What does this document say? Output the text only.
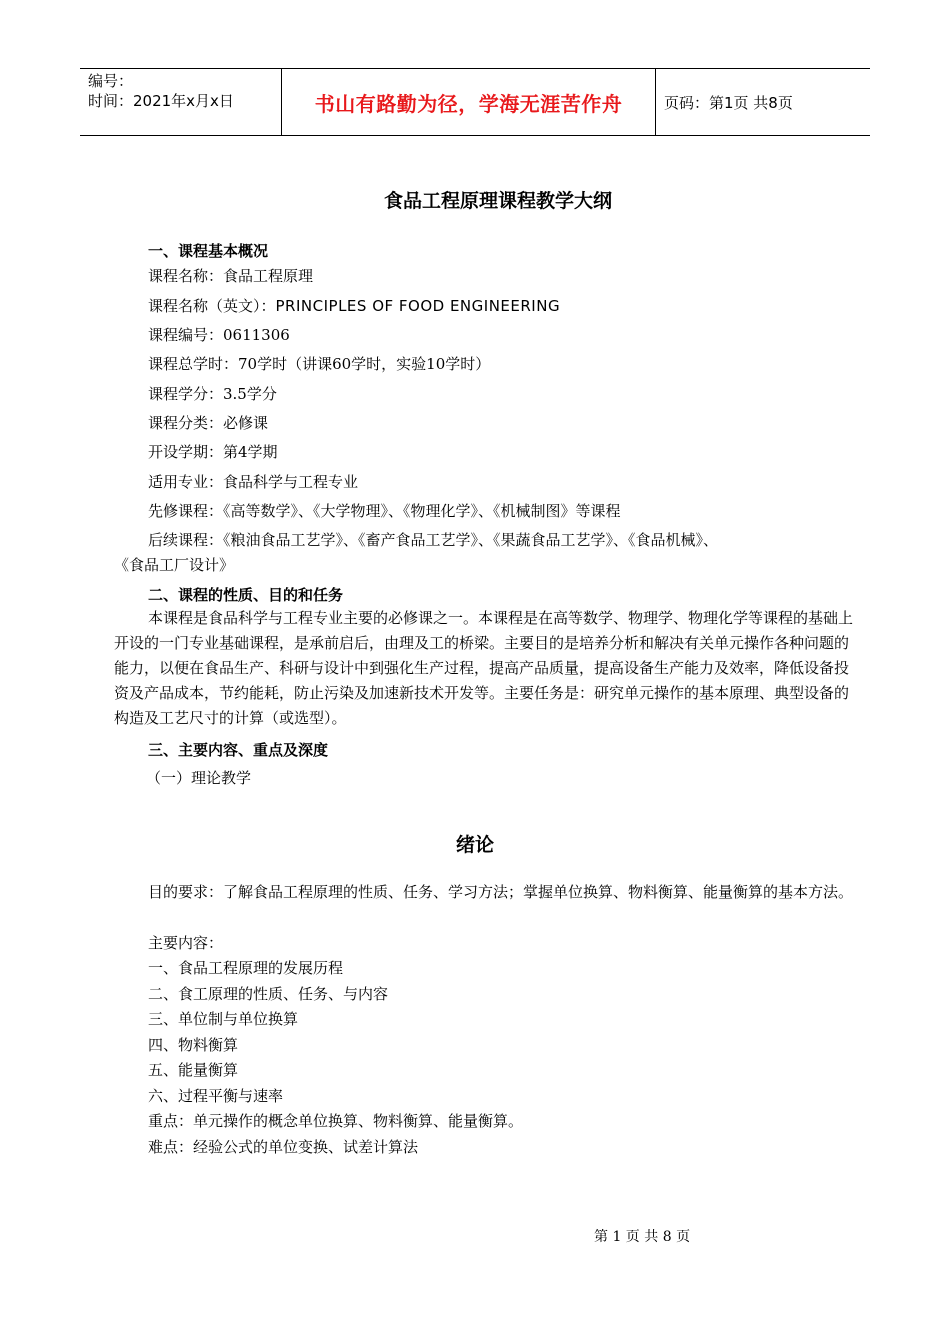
编号：
时间：2021年x月x日	书山有路勤为径，学海无涯苦作舟	页码：第1页 共8页
食品工程原理课程教学大纲
一、课程基本概况
课程名称：食品工程原理
课程名称（英文）：PRINCIPLES OF FOOD ENGINEERING
课程编号：0611306
课程总学时：70学时（讲课60学时，实验10学时）
课程学分：3.5学分
课程分类：必修课
开设学期：第4学期
适用专业：食品科学与工程专业
先修课程：《高等数学》、《大学物理》、《物理化学》、《机械制图》等课程
后续课程：《粮油食品工艺学》、《畜产食品工艺学》、《果蔬食品工艺学》、《食品机械》、
《食品工厂设计》
二、课程的性质、目的和任务
本课程是食品科学与工程专业主要的必修课之一。本课程是在高等数学、物理学、物理化学等课程的基础上开设的一门专业基础课程，是承前启后，由理及工的桥梁。主要目的是培养分析和解决有关单元操作各种问题的能力，以便在食品生产、科研与设计中到强化生产过程，提高产品质量，提高设备生产能力及效率，降低设备投资及产品成本，节约能耗，防止污染及加速新技术开发等。主要任务是：研究单元操作的基本原理、典型设备的构造及工艺尺寸的计算（或选型）。
三、主要内容、重点及深度
（一）理论教学
绪论
目的要求：了解食品工程原理的性质、任务、学习方法；掌握单位换算、物料衡算、能量衡算的基本方法。
主要内容：
一、食品工程原理的发展历程
二、食工原理的性质、任务、与内容
三、单位制与单位换算
四、物料衡算
五、能量衡算
六、过程平衡与速率
重点：单元操作的概念单位换算、物料衡算、能量衡算。
难点：经验公式的单位变换、试差计算法
第 1 页 共 8 页
